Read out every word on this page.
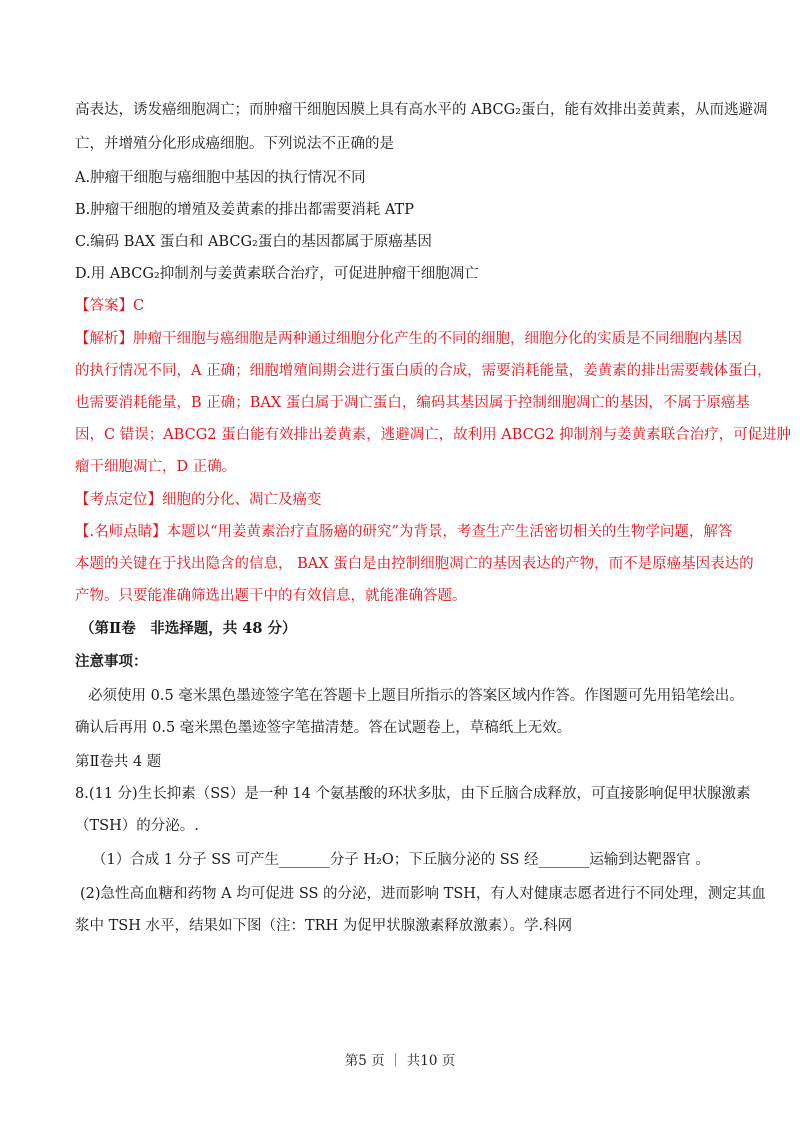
高表达，诱发癌细胞凋亡；而肿瘤干细胞因膜上具有高水平的 ABCG₂蛋白，能有效排出姜黄素，从而逃避凋
亡，并增殖分化形成癌细胞。下列说法不正确的是
A.肿瘤干细胞与癌细胞中基因的执行情况不同
B.肿瘤干细胞的增殖及姜黄素的排出都需要消耗 ATP
C.编码 BAX 蛋白和 ABCG₂蛋白的基因都属于原癌基因
D.用 ABCG₂抑制剂与姜黄素联合治疗，可促进肿瘤干细胞凋亡
【答案】C
【解析】肿瘤干细胞与癌细胞是两种通过细胞分化产生的不同的细胞，细胞分化的实质是不同细胞内基因
的执行情况不同，A 正确；细胞增殖间期会进行蛋白质的合成，需要消耗能量，姜黄素的排出需要载体蛋白，
也需要消耗能量，B 正确；BAX 蛋白属于凋亡蛋白，编码其基因属于控制细胞凋亡的基因，不属于原癌基
因，C 错误；ABCG2 蛋白能有效排出姜黄素，逃避凋亡，故利用 ABCG2 抑制剂与姜黄素联合治疗，可促进肿
瘤干细胞凋亡，D 正确。
【考点定位】细胞的分化、凋亡及癌变
【.名师点睛】本题以“用姜黄素治疗直肠癌的研究”为背景，考查生产生活密切相关的生物学问题，解答
本题的关键在于找出隐含的信息， BAX 蛋白是由控制细胞凋亡的基因表达的产物，而不是原癌基因表达的
产物。只要能准确筛选出题干中的有效信息，就能准确答题。
（第Ⅱ卷　非选择题，共 48 分）
注意事项：
必须使用 0.5 毫米黑色墨迹签字笔在答题卡上题目所指示的答案区域内作答。作图题可先用铅笔绘出。
确认后再用 0.5 毫米黑色墨迹签字笔描清楚。答在试题卷上，草稿纸上无效。
第Ⅱ卷共 4 题
8.(11 分)生长抑素（SS）是一种 14 个氨基酸的环状多肽，由下丘脑合成释放，可直接影响促甲状腺激素
（TSH）的分泌。.
（1）合成 1 分子 SS 可产生_______分子 H₂O；下丘脑分泌的 SS 经_______运输到达靶器官 。
(2)急性高血糖和药物 A 均可促进 SS 的分泌，进而影响 TSH，有人对健康志愿者进行不同处理，测定其血
浆中 TSH 水平，结果如下图（注：TRH 为促甲状腺激素释放激素）。学.科网
第5 页 ｜ 共10 页
